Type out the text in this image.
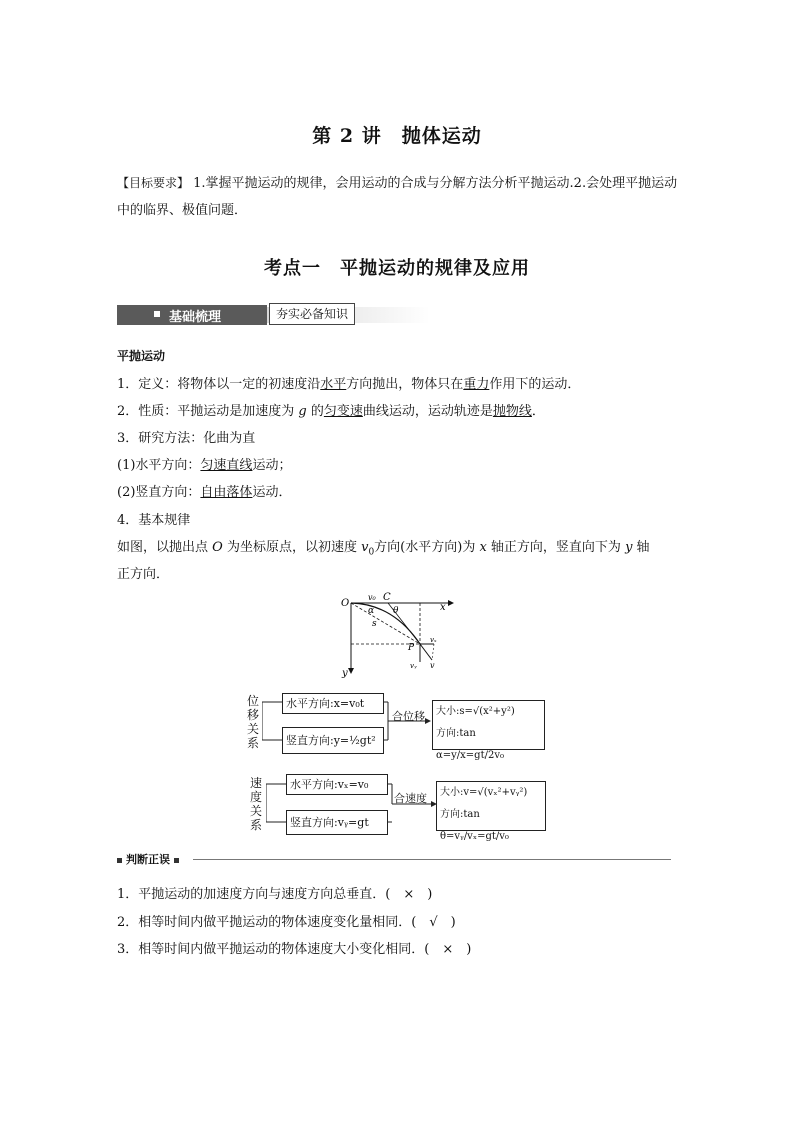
第 2 讲　抛体运动
【目标要求】 1.掌握平抛运动的规律，会用运动的合成与分解方法分析平抛运动.2.会处理平抛运动中的临界、极值问题．
考点一　平抛运动的规律及应用
基础梳理	夯实必备知识
平抛运动
1．定义：将物体以一定的初速度沿水平方向抛出，物体只在重力作用下的运动．
2．性质：平抛运动是加速度为 g 的匀变速曲线运动，运动轨迹是抛物线．
3．研究方法：化曲为直
(1)水平方向：匀速直线运动；
(2)竖直方向：自由落体运动．
4．基本规律
如图，以抛出点 O 为坐标原点，以初速度 $v_0$方向(水平方向)为 x 轴正方向，竖直向下为 y 轴
正方向．
O
v₀ C
α θ
s
x
y
P
vₓ
vᵧ v
位
移
关
系
水平方向:x=v₀t
竖直方向:y=½gt²
合位移 大小:s=√(x²+y²)
方向:tan α=y/x=gt/2v₀
速
度
关
系
水平方向:vₓ=v₀
竖直方向:vᵧ=gt
合速度 大小:v=√(vₓ²+vᵧ²)
方向:tan θ=vᵧ/vₓ=gt/v₀
判断正误
1．平抛运动的加速度方向与速度方向总垂直．(　×　)
2．相等时间内做平抛运动的物体速度变化量相同．(　√　)
3．相等时间内做平抛运动的物体速度大小变化相同．(　×　)
